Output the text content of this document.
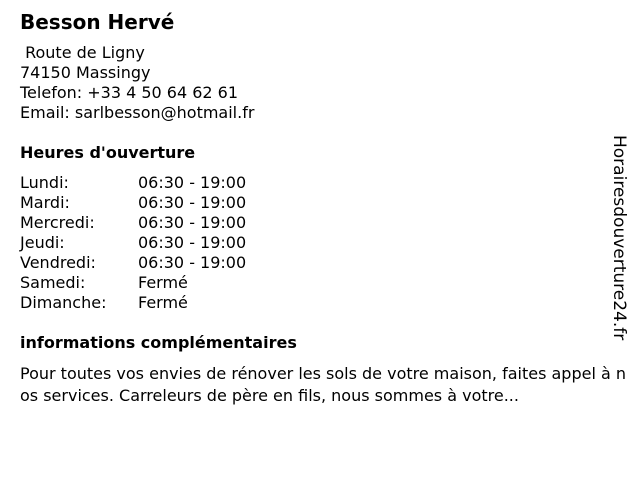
Besson Hervé
Route de Ligny
74150 Massingy
Telefon: +33 4 50 64 62 61
Email: sarlbesson@hotmail.fr
Heures d'ouverture
Lundi:	06:30 - 19:00
Mardi:	06:30 - 19:00
Mercredi:	06:30 - 19:00
Jeudi:	06:30 - 19:00
Vendredi:	06:30 - 19:00
Samedi:	Fermé
Dimanche:	Fermé
informations complémentaires
Pour toutes vos envies de rénover les sols de votre maison, faites appel à nos services. Carreleurs de père en fils, nous sommes à votre...
Horairesdouverture24.fr
